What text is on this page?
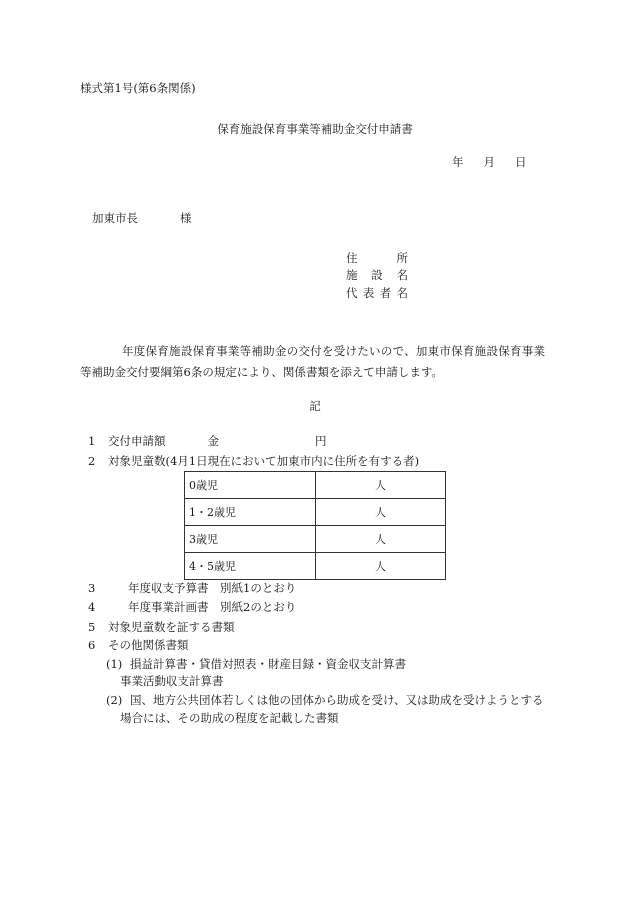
様式第1号(第6条関係)
保育施設保育事業等補助金交付申請書
年 月 日
加東市長	様
住所
施設名
代表者名
年度保育施設保育事業等補助金の交付を受けたいので、加東市保育施設保育事業等補助金交付要綱第6条の規定により、関係書類を添えて申請します。
記
1 交付申請額	金	円
2 対象児童数(4月1日現在において加東市内に住所を有する者)
0歳児	人
1・2歳児	人
3歳児	人
4・5歳児	人
3	年度収支予算書　別紙1のとおり
4	年度事業計画書　別紙2のとおり
5 対象児童数を証する書類
6 その他関係書類
(1) 損益計算書・貸借対照表・財産目録・資金収支計算書
事業活動収支計算書
(2) 国、地方公共団体若しくは他の団体から助成を受け、又は助成を受けようとする
場合には、その助成の程度を記載した書類
